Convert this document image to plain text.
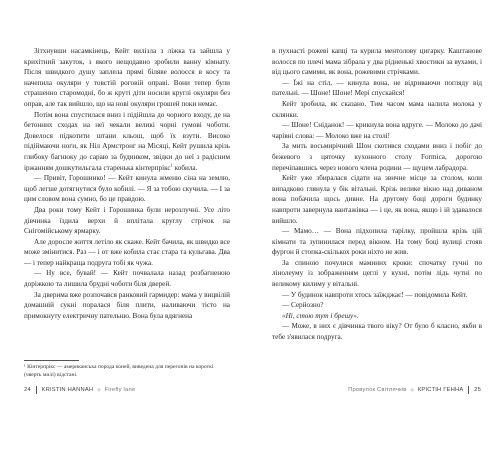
Зітхнувши насамкінець, Кейт вилізла з ліжка та зайшла у крихітний закуток, з якого нещодавно зробили ванну кімнату. Після швидкого душу заплела прямі біляве волосся в косу та начепила окуляри у товстій роговій оправі. Вони тепер були страшенно старомодні, бо ж круті діти носили круглі окуляри без оправ, але так вийшло, що на нові окуляри грошей поки немає.

Потім вона спустилася вниз і підійшла до чорного входу, де на бетонних сходах на неї чекали великі чорні гумові чоботи. Довелося підкотити штани кльош, щоб їх взути. Високо підіймаючи ноги, як Ніл Армстронг на Місяці, Кейт рушила крізь глибоку багнюку до сараю за будинком, звідки до неї з радісним іржанням дошкутильгала старенька кінтерпрікс$^1$ кобила.

— Привіт, Горошинко! — Кейт кинула жменю сіна на землю, щоб легше дотягнутися було кобилі. — Я за тобою скучила. — І за цим словом вона сумно, бо це правдою.

Два роки тому Кейт і Горошинка були нерозлучні. Усе літо дівчинка їздила верхи й вплітала круглу стрічок на Снігомійському ярмарку.

Але доросле життя летіло як скаже. Кейт бачила, як швидко все може змінитися. Раз — і от вже кобила стає стара та кульгава. Два — і тепер найкраща подруга тобі як чужа.

— Ну все, бувай! — Кейт почвалала назад розбагненою доріжкою та лишила брудні чоботи біля дверей.

За дверима вже розпочався ранковий гармидер: мама у вицвілій домашній сукні поралася біля плити, наливаючи тісто на примокнуту електричну пательню. Вона була вдягнена

¹ Кінтерпрікс — американська порода коней, виведена для перегонів на короткі (чверть милі) відстані.
24 KRISTIN HANNAH ✧ Firefly lane

в пухнасті рожеві капці та курила ментолову цигарку. Каштанове волосся по плечі мама зібрала у два рідненькі хвостики за вухами, і від цього самими, як вона, рожевими стрічками.

— Їжі на стіл, — кинула вона, не відриваючи погляду від пательні. — Шоне! Шоне! Мері спускайся!

Кейт зробила, як сказано. Тим часом мама налила молока у склянки.

— Шоне! Сніданок! — крикнула вона вдруге. — Молоко до дачі чарівні слова: — Молоко вже на столі!

За мить восьмирічний Шон скотився сходами вниз і побіг до бежевого з цяточку кухонного столу Formica, дорогою перечіпавшись через нового члена родини — щуцем лабрадора.

Кейт уже збиралася сідати на звичне місце за столом, коли випадково глянула у бік вітальні. Крізь велике вікно над диваном вона побачила щось дивне. На другому боці дороги будинку навпроти завернула вантажівка — і це, як вона, якщо і ій здавалося вийшло.

— Мамо… — Вона підхопила тарілку, пройшла крізь цій кімнати та зупинилася перед вікном. На тому боці вулиці стояв фургон й стопка-скількох роки ніхто не жив.

За спиною почулися маминих кроки: спочатку гучні по лінолеуму із зображенням цеглі у кухні, потім лідь чутні по великому килиму у вітальні.

— У будинок навпроти хтось заїжджає! — повідомила Кейт.

— Серйозно?

«Ні, стою тут і брешу».

— Може, в них є дівчинка твого віку? От було б класно, якби в тебе з'явилася подруга.

Провулок Світлячків ✧ КРІСТІН ГЕННА 25
